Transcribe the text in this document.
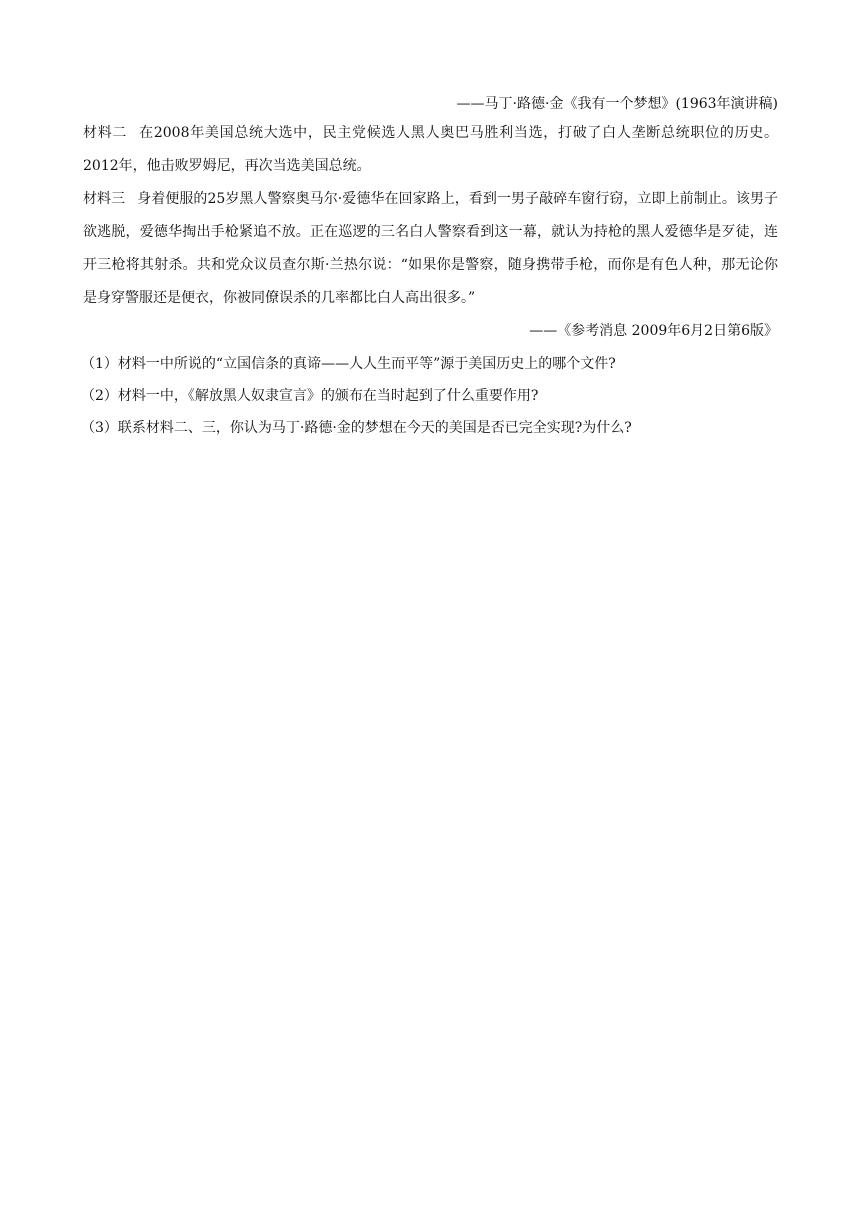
——马丁·路德·金《我有一个梦想》(1963年演讲稿)
材料二 在2008年美国总统大选中，民主党候选人黑人奥巴马胜利当选，打破了白人垄断总统职位的历史。2012年，他击败罗姆尼，再次当选美国总统。
材料三 身着便服的25岁黑人警察奥马尔·爱德华在回家路上，看到一男子敲碎车窗行窃，立即上前制止。该男子欲逃脱，爱德华掏出手枪紧追不放。正在巡逻的三名白人警察看到这一幕，就认为持枪的黑人爱德华是歹徒，连开三枪将其射杀。共和党众议员查尔斯·兰热尔说：“如果你是警察，随身携带手枪，而你是有色人种，那无论你是身穿警服还是便衣，你被同僚误杀的几率都比白人高出很多。”
——《参考消息 2009年6月2日第6版》
（1）材料一中所说的“立国信条的真谛——人人生而平等”源于美国历史上的哪个文件?
（2）材料一中，《解放黑人奴隶宣言》的颁布在当时起到了什么重要作用?
（3）联系材料二、三，你认为马丁·路德·金的梦想在今天的美国是否已完全实现?为什么?
